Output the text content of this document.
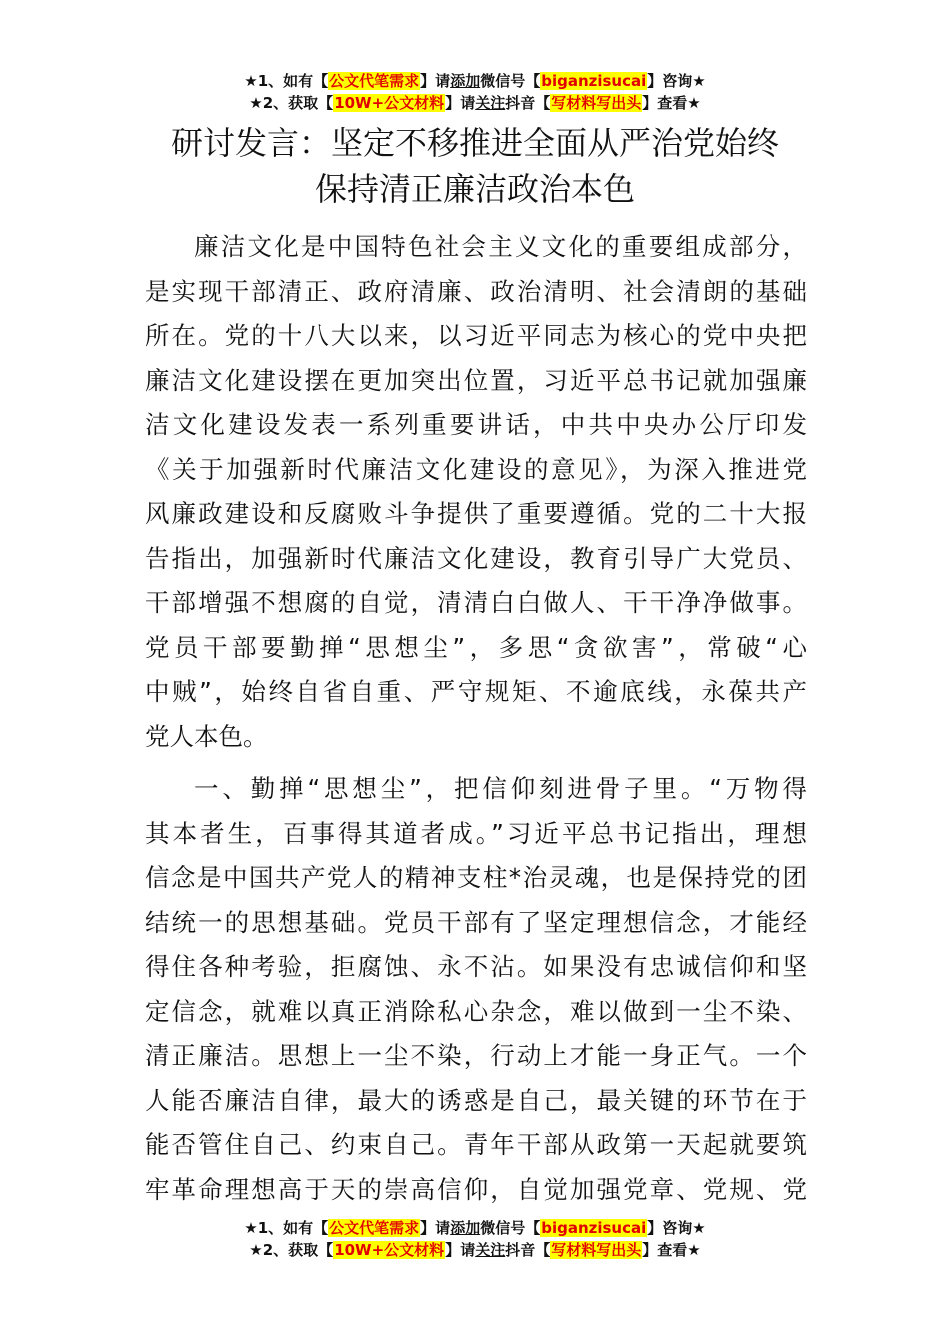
★1、如有【公文代笔需求】请添加微信号【biganzisucai】咨询★
★2、获取【10W+公文材料】请关注抖音【写材料写出头】查看★
研讨发言：坚定不移推进全面从严治党始终
保持清正廉洁政治本色

廉洁文化是中国特色社会主义文化的重要组成部分，
是实现干部清正、政府清廉、政治清明、社会清朗的基础
所在。党的十八大以来，以习近平同志为核心的党中央把
廉洁文化建设摆在更加突出位置，习近平总书记就加强廉
洁文化建设发表一系列重要讲话，中共中央办公厅印发
《关于加强新时代廉洁文化建设的意见》，为深入推进党
风廉政建设和反腐败斗争提供了重要遵循。党的二十大报
告指出，加强新时代廉洁文化建设，教育引导广大党员、
干部增强不想腐的自觉，清清白白做人、干干净净做事。
党员干部要勤掸“思想尘”，多思“贪欲害”，常破“心
中贼”，始终自省自重、严守规矩、不逾底线，永葆共产
党人本色。

一、勤掸“思想尘”，把信仰刻进骨子里。“万物得
其本者生，百事得其道者成。”习近平总书记指出，理想
信念是中国共产党人的精神支柱*治灵魂，也是保持党的团
结统一的思想基础。党员干部有了坚定理想信念，才能经
得住各种考验，拒腐蚀、永不沾。如果没有忠诚信仰和坚
定信念，就难以真正消除私心杂念，难以做到一尘不染、
清正廉洁。思想上一尘不染，行动上才能一身正气。一个
人能否廉洁自律，最大的诱惑是自己，最关键的环节在于
能否管住自己、约束自己。青年干部从政第一天起就要筑
牢革命理想高于天的崇高信仰，自觉加强党章、党规、党

★1、如有【公文代笔需求】请添加微信号【biganzisucai】咨询★
★2、获取【10W+公文材料】请关注抖音【写材料写出头】查看★
